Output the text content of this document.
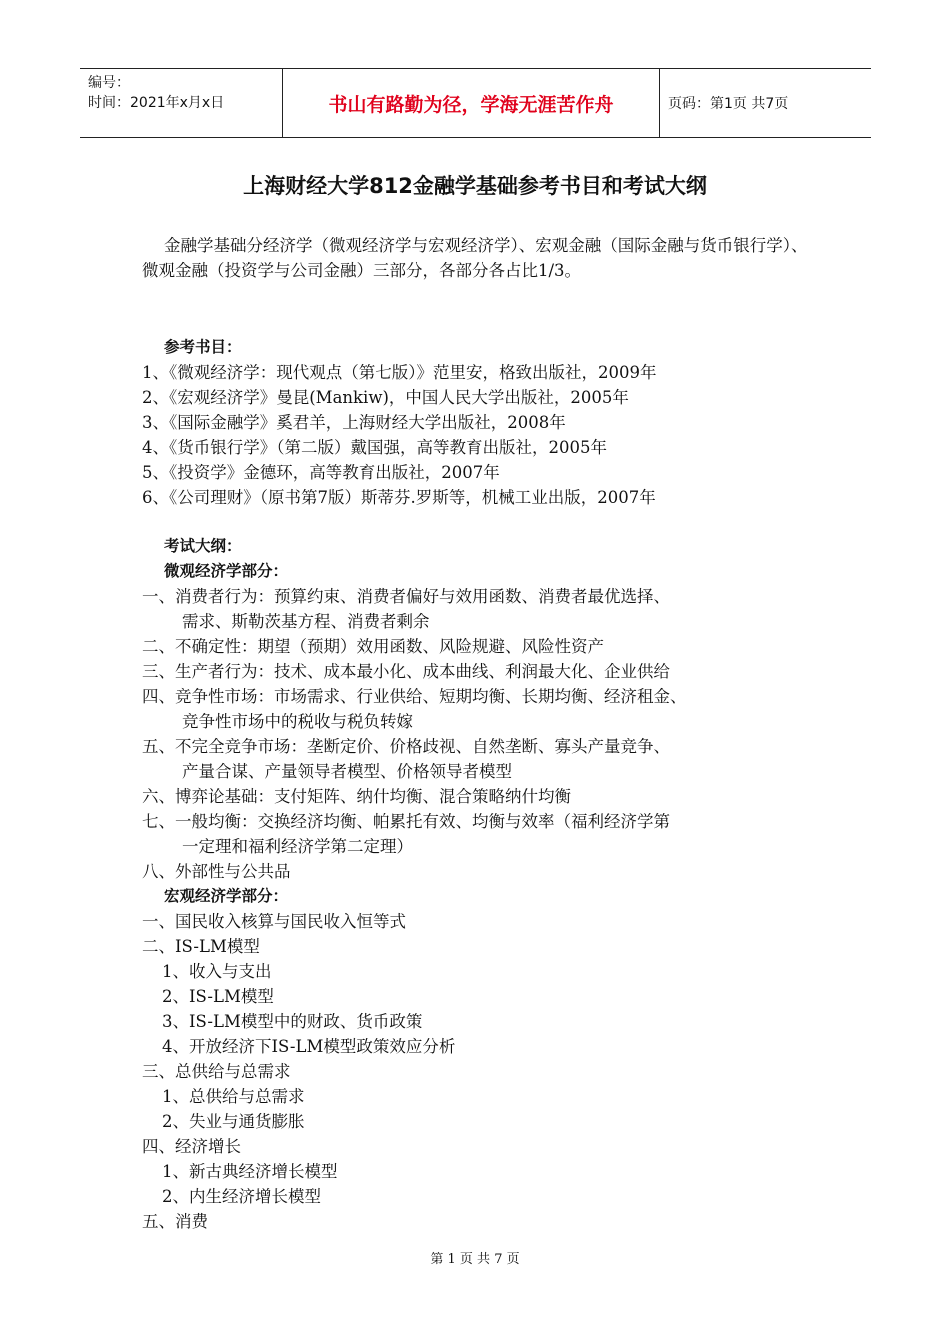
编号：
时间：2021年x月x日	书山有路勤为径，学海无涯苦作舟	页码：第1页 共7页
上海财经大学812金融学基础参考书目和考试大纲
金融学基础分经济学（微观经济学与宏观经济学）、宏观金融（国际金融与货币银行学）、微观金融（投资学与公司金融）三部分，各部分各占比1/3。
参考书目：
1、《微观经济学：现代观点（第七版）》范里安，格致出版社，2009年
2、《宏观经济学》曼昆(Mankiw)，中国人民大学出版社，2005年
3、《国际金融学》奚君羊，上海财经大学出版社，2008年
4、《货币银行学》（第二版）戴国强，高等教育出版社，2005年
5、《投资学》金德环，高等教育出版社，2007年
6、《公司理财》（原书第7版）斯蒂芬.罗斯等，机械工业出版，2007年
考试大纲：
微观经济学部分：
一、消费者行为：预算约束、消费者偏好与效用函数、消费者最优选择、
需求、斯勒茨基方程、消费者剩余
二、不确定性：期望（预期）效用函数、风险规避、风险性资产
三、生产者行为：技术、成本最小化、成本曲线、利润最大化、企业供给
四、竞争性市场：市场需求、行业供给、短期均衡、长期均衡、经济租金、
竞争性市场中的税收与税负转嫁
五、不完全竞争市场：垄断定价、价格歧视、自然垄断、寡头产量竞争、
产量合谋、产量领导者模型、价格领导者模型
六、博弈论基础：支付矩阵、纳什均衡、混合策略纳什均衡
七、一般均衡：交换经济均衡、帕累托有效、均衡与效率（福利经济学第
一定理和福利经济学第二定理）
八、外部性与公共品
宏观经济学部分：
一、国民收入核算与国民收入恒等式
二、IS-LM模型
1、收入与支出
2、IS-LM模型
3、IS-LM模型中的财政、货币政策
4、开放经济下IS-LM模型政策效应分析
三、总供给与总需求
1、总供给与总需求
2、失业与通货膨胀
四、经济增长
1、新古典经济增长模型
2、内生经济增长模型
五、消费
第 1 页 共 7 页
